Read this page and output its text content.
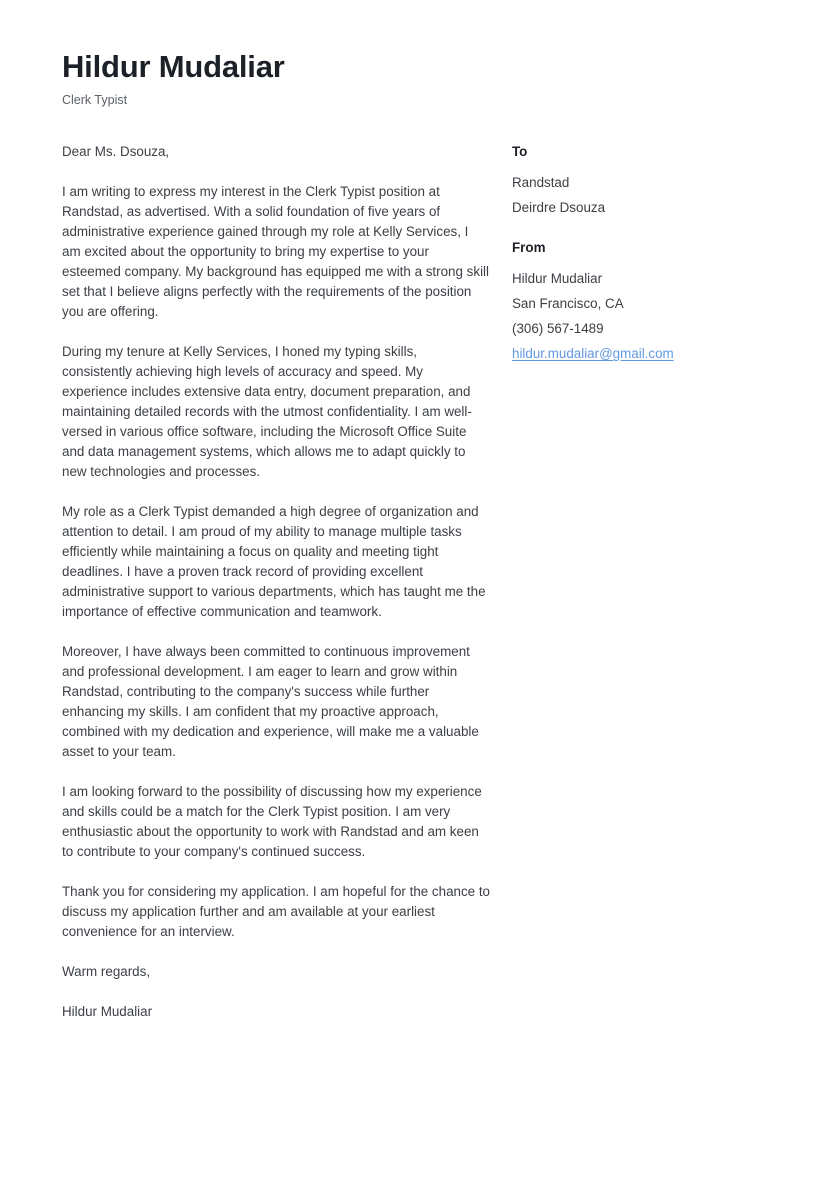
Hildur Mudaliar
Clerk Typist

Dear Ms. Dsouza,

I am writing to express my interest in the Clerk Typist position at Randstad, as advertised. With a solid foundation of five years of administrative experience gained through my role at Kelly Services, I am excited about the opportunity to bring my expertise to your esteemed company. My background has equipped me with a strong skill set that I believe aligns perfectly with the requirements of the position you are offering.

During my tenure at Kelly Services, I honed my typing skills, consistently achieving high levels of accuracy and speed. My experience includes extensive data entry, document preparation, and maintaining detailed records with the utmost confidentiality. I am well-versed in various office software, including the Microsoft Office Suite and data management systems, which allows me to adapt quickly to new technologies and processes.

My role as a Clerk Typist demanded a high degree of organization and attention to detail. I am proud of my ability to manage multiple tasks efficiently while maintaining a focus on quality and meeting tight deadlines. I have a proven track record of providing excellent administrative support to various departments, which has taught me the importance of effective communication and teamwork.

Moreover, I have always been committed to continuous improvement and professional development. I am eager to learn and grow within Randstad, contributing to the company's success while further enhancing my skills. I am confident that my proactive approach, combined with my dedication and experience, will make me a valuable asset to your team.

I am looking forward to the possibility of discussing how my experience and skills could be a match for the Clerk Typist position. I am very enthusiastic about the opportunity to work with Randstad and am keen to contribute to your company's continued success.

Thank you for considering my application. I am hopeful for the chance to discuss my application further and am available at your earliest convenience for an interview.

Warm regards,

Hildur Mudaliar

To
Randstad
Deirdre Dsouza
From
Hildur Mudaliar
San Francisco, CA
(306) 567-1489
hildur.mudaliar@gmail.com
